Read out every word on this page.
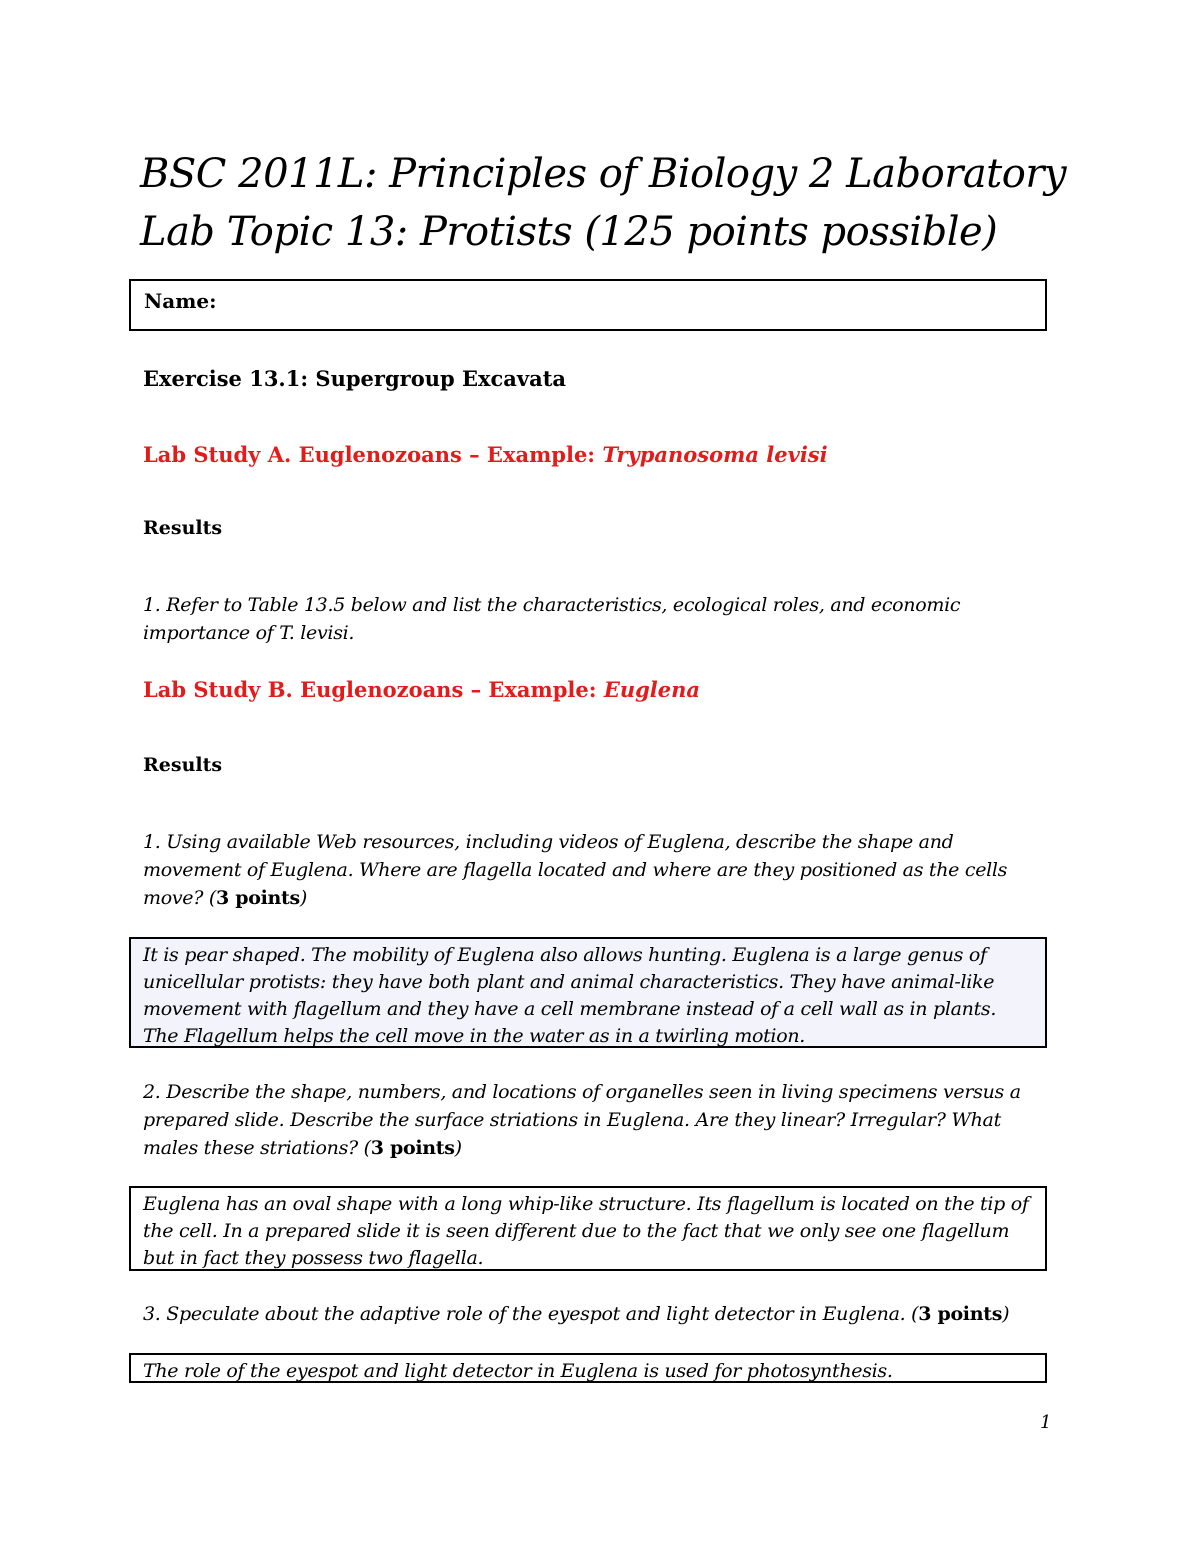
BSC 2011L: Principles of Biology 2 Laboratory
Lab Topic 13: Protists (125 points possible)
Name:
Exercise 13.1: Supergroup Excavata
Lab Study A. Euglenozoans – Example: Trypanosoma levisi
Results
1. Refer to Table 13.5 below and list the characteristics, ecological roles, and economic importance of T. levisi.
Lab Study B. Euglenozoans – Example: Euglena
Results
1. Using available Web resources, including videos of Euglena, describe the shape and movement of Euglena. Where are flagella located and where are they positioned as the cells move? (3 points)
It is pear shaped. The mobility of Euglena also allows hunting. Euglena is a large genus of unicellular protists: they have both plant and animal characteristics. They have animal-like movement with flagellum and they have a cell membrane instead of a cell wall as in plants. The Flagellum helps the cell move in the water as in a twirling motion.
2. Describe the shape, numbers, and locations of organelles seen in living specimens versus a prepared slide. Describe the surface striations in Euglena. Are they linear? Irregular? What males these striations? (3 points)
Euglena has an oval shape with a long whip-like structure. Its flagellum is located on the tip of the cell. In a prepared slide it is seen different due to the fact that we only see one flagellum but in fact they possess two flagella.
3. Speculate about the adaptive role of the eyespot and light detector in Euglena. (3 points)
The role of the eyespot and light detector in Euglena is used for photosynthesis.
1
